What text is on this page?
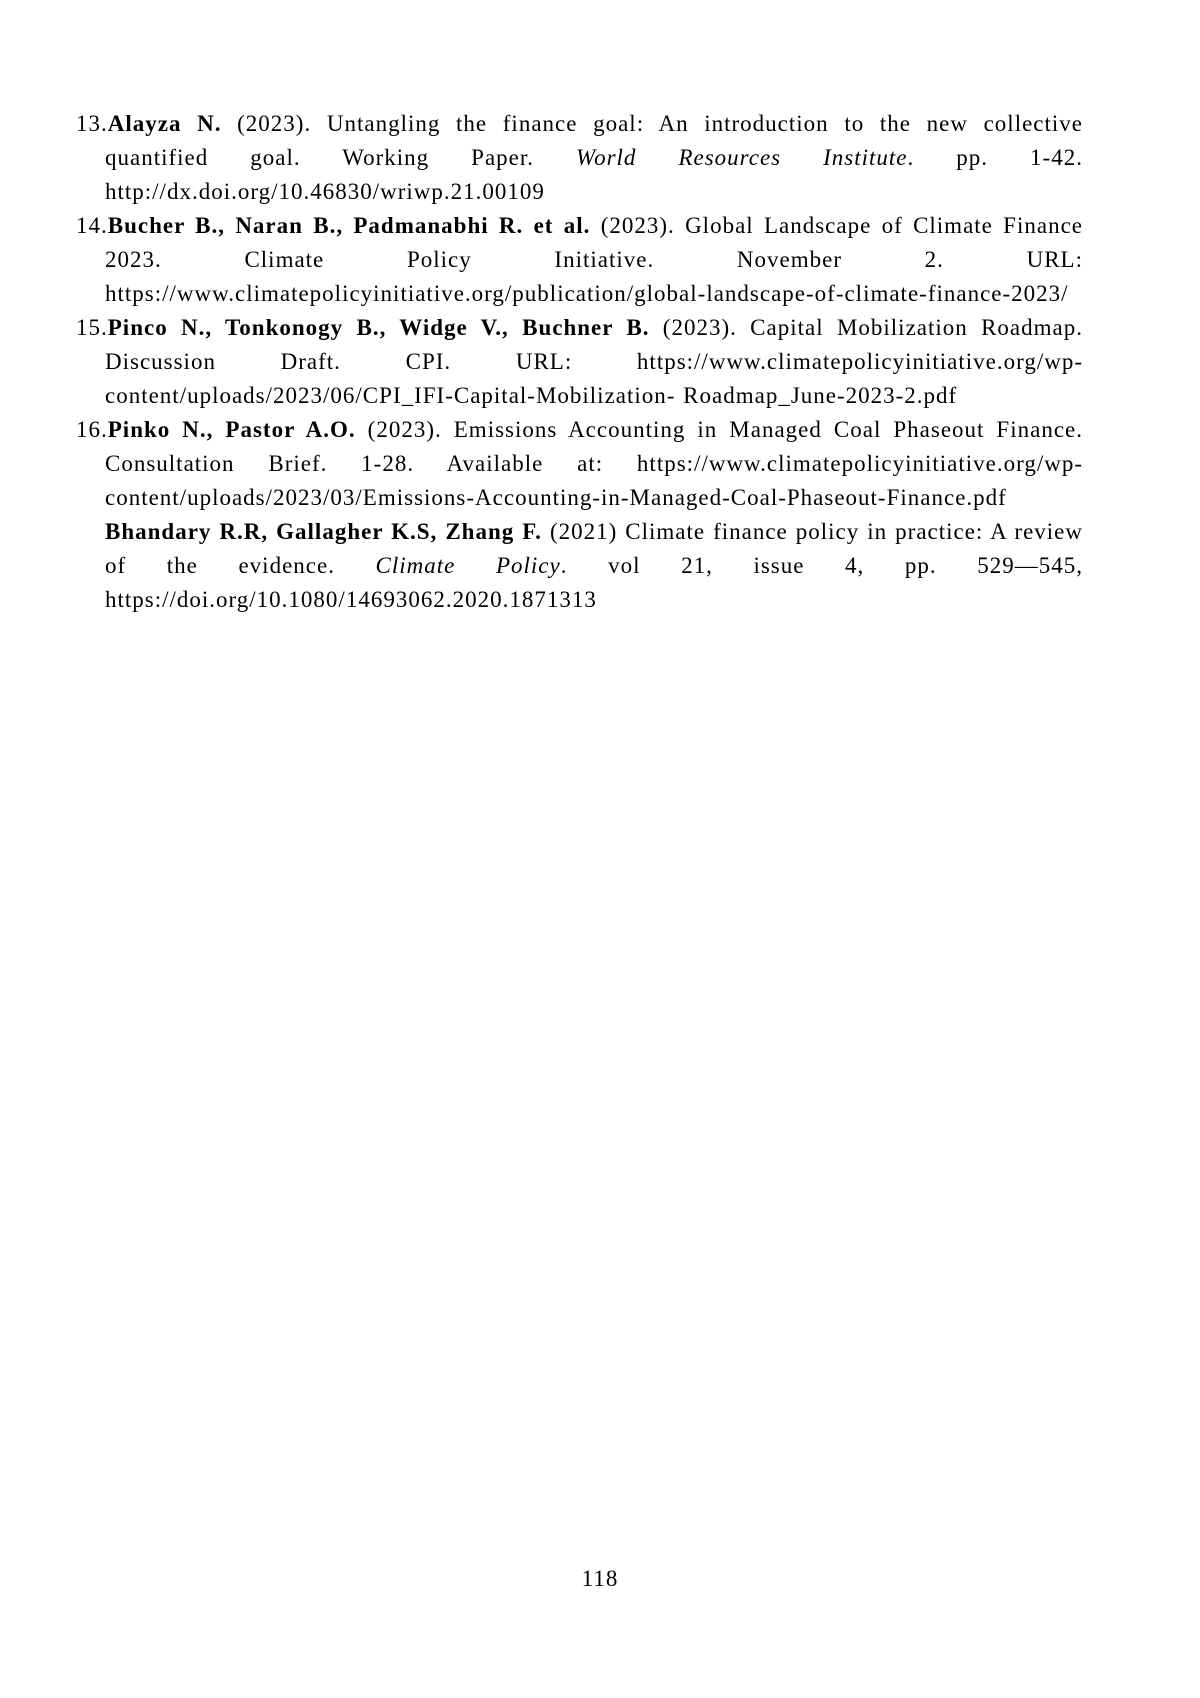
13.Alayza N. (2023). Untangling the finance goal: An introduction to the new collective quantified goal. Working Paper. World Resources Institute. pp. 1-42. http://dx.doi.org/10.46830/wriwp.21.00109

14.Bucher B., Naran B., Padmanabhi R. et al. (2023). Global Landscape of Climate Finance 2023. Climate Policy Initiative. November 2. URL: https://www.climatepolicyinitiative.org/publication/global-landscape-of-climate-finance-2023/

15.Pinco N., Tonkonogy B., Widge V., Buchner B. (2023). Capital Mobilization Roadmap. Discussion Draft. CPI. URL: https://www.climatepolicyinitiative.org/wp-content/uploads/2023/06/CPI_IFI-Capital-Mobilization- Roadmap_June-2023-2.pdf

16.Pinko N., Pastor A.O. (2023). Emissions Accounting in Managed Coal Phaseout Finance. Consultation Brief. 1-28. Available at: https://www.climatepolicyinitiative.org/wp-content/uploads/2023/03/Emissions-Accounting-in-Managed-Coal-Phaseout-Finance.pdf

Bhandary R.R, Gallagher K.S, Zhang F. (2021) Climate finance policy in practice: A review of the evidence. Climate Policy. vol 21, issue 4, pp. 529—545, https://doi.org/10.1080/14693062.2020.1871313

118
